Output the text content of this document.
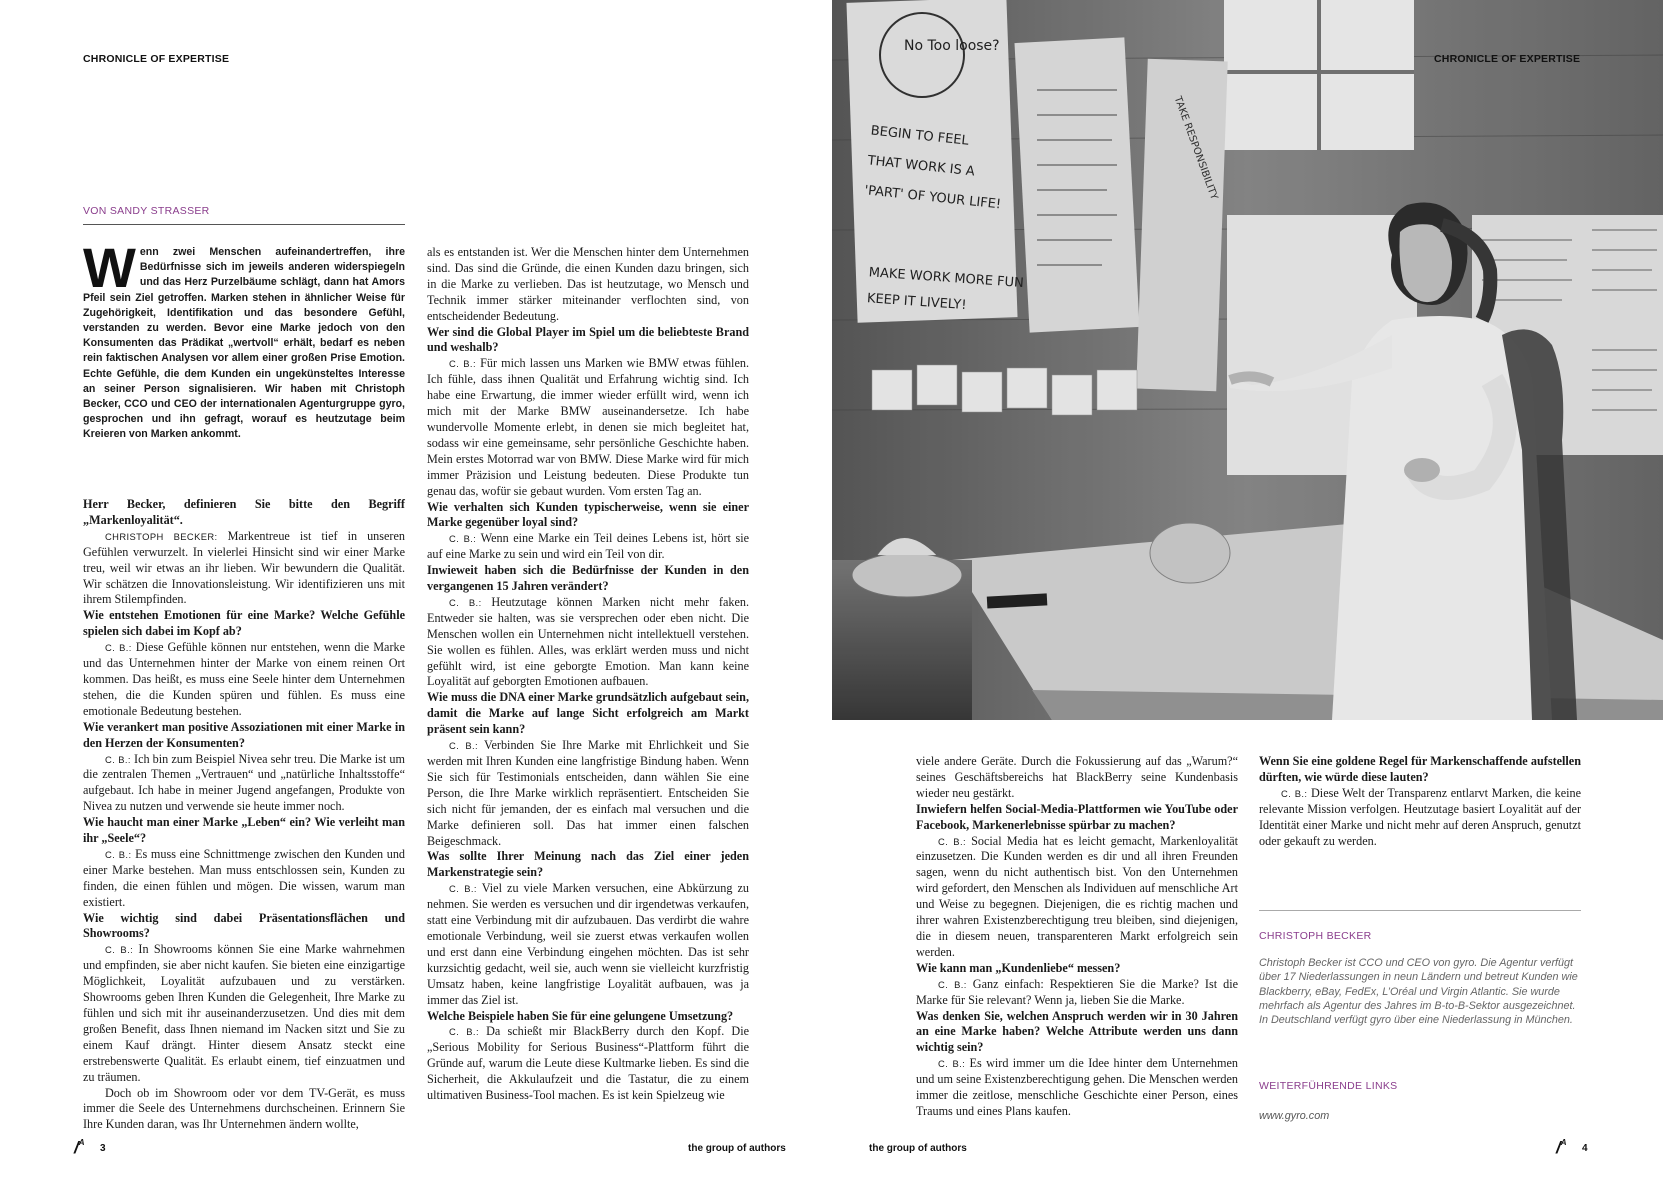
CHRONICLE OF EXPERTISE
VON SANDY STRASSER
Wenn zwei Menschen aufeinandertreffen, ihre Bedürfnisse sich im jeweils anderen widerspiegeln und das Herz Purzelbäume schlägt, dann hat Amors Pfeil sein Ziel getroffen. Marken stehen in ähnlicher Weise für Zugehörigkeit, Identifikation und das besondere Gefühl, verstanden zu werden. Bevor eine Marke jedoch von den Konsumenten das Prädikat „wertvoll“ erhält, bedarf es neben rein faktischen Analysen vor allem einer großen Prise Emotion. Echte Gefühle, die dem Kunden ein ungekünsteltes Interesse an seiner Person signalisieren. Wir haben mit Christoph Becker, CCO und CEO der internationalen Agenturgruppe gyro, gesprochen und ihn gefragt, worauf es heutzutage beim Kreieren von Marken ankommt.

Herr Becker, definieren Sie bitte den Begriff „Markenloyalität“.

CHRISTOPH BECKER: Markentreue ist tief in unseren Gefühlen verwurzelt. In vielerlei Hinsicht sind wir einer Marke treu, weil wir etwas an ihr lieben. Wir bewundern die Qualität. Wir schätzen die Innovationsleistung. Wir identifizieren uns mit ihrem Stilempfinden.

Wie entstehen Emotionen für eine Marke? Welche Gefühle spielen sich dabei im Kopf ab?

C. B.: Diese Gefühle können nur entstehen, wenn die Marke und das Unternehmen hinter der Marke von einem reinen Ort kommen. Das heißt, es muss eine Seele hinter dem Unternehmen stehen, die die Kunden spüren und fühlen. Es muss eine emotionale Bedeutung bestehen.

Wie verankert man positive Assoziationen mit einer Marke in den Herzen der Konsumenten?

C. B.: Ich bin zum Beispiel Nivea sehr treu. Die Marke ist um die zentralen Themen „Vertrauen“ und „natürliche Inhaltsstoffe“ aufgebaut. Ich habe in meiner Jugend angefangen, Produkte von Nivea zu nutzen und verwende sie heute immer noch.

Wie haucht man einer Marke „Leben“ ein? Wie verleiht man ihr „Seele“?

C. B.: Es muss eine Schnittmenge zwischen den Kunden und einer Marke bestehen. Man muss entschlossen sein, Kunden zu finden, die einen fühlen und mögen. Die wissen, warum man existiert.

Wie wichtig sind dabei Präsentationsflächen und Showrooms?

C. B.: In Showrooms können Sie eine Marke wahrnehmen und empfinden, sie aber nicht kaufen. Sie bieten eine einzigartige Möglichkeit, Loyalität aufzubauen und zu verstärken. Showrooms geben Ihren Kunden die Gelegenheit, Ihre Marke zu fühlen und sich mit ihr auseinanderzusetzen. Und dies mit dem großen Benefit, dass Ihnen niemand im Nacken sitzt und Sie zu einem Kauf drängt. Hinter diesem Ansatz steckt eine erstrebenswerte Qualität. Es erlaubt einem, tief einzuatmen und zu träumen.

Doch ob im Showroom oder vor dem TV-Gerät, es muss immer die Seele des Unternehmens durchscheinen. Erinnern Sie Ihre Kunden daran, was Ihr Unternehmen ändern wollte,

als es entstanden ist. Wer die Menschen hinter dem Unternehmen sind. Das sind die Gründe, die einen Kunden dazu bringen, sich in die Marke zu verlieben. Das ist heutzutage, wo Mensch und Technik immer stärker miteinander verflochten sind, von entscheidender Bedeutung.

Wer sind die Global Player im Spiel um die beliebteste Brand und weshalb?

C. B.: Für mich lassen uns Marken wie BMW etwas fühlen. Ich fühle, dass ihnen Qualität und Erfahrung wichtig sind. Ich habe eine Erwartung, die immer wieder erfüllt wird, wenn ich mich mit der Marke BMW auseinandersetze. Ich habe wundervolle Momente erlebt, in denen sie mich begleitet hat, sodass wir eine gemeinsame, sehr persönliche Geschichte haben. Mein erstes Motorrad war von BMW. Diese Marke wird für mich immer Präzision und Leistung bedeuten. Diese Produkte tun genau das, wofür sie gebaut wurden. Vom ersten Tag an.

Wie verhalten sich Kunden typischerweise, wenn sie einer Marke gegenüber loyal sind?

C. B.: Wenn eine Marke ein Teil deines Lebens ist, hört sie auf eine Marke zu sein und wird ein Teil von dir.

Inwieweit haben sich die Bedürfnisse der Kunden in den vergangenen 15 Jahren verändert?

C. B.: Heutzutage können Marken nicht mehr faken. Entweder sie halten, was sie versprechen oder eben nicht. Die Menschen wollen ein Unternehmen nicht intellektuell verstehen. Sie wollen es fühlen. Alles, was erklärt werden muss und nicht gefühlt wird, ist eine geborgte Emotion. Man kann keine Loyalität auf geborgten Emotionen aufbauen.

Wie muss die DNA einer Marke grundsätzlich aufgebaut sein, damit die Marke auf lange Sicht erfolgreich am Markt präsent sein kann?

C. B.: Verbinden Sie Ihre Marke mit Ehrlichkeit und Sie werden mit Ihren Kunden eine langfristige Bindung haben. Wenn Sie sich für Testimonials entscheiden, dann wählen Sie eine Person, die Ihre Marke wirklich repräsentiert. Entscheiden Sie sich nicht für jemanden, der es einfach mal versuchen und die Marke definieren soll. Das hat immer einen falschen Beigeschmack.

Was sollte Ihrer Meinung nach das Ziel einer jeden Markenstrategie sein?

C. B.: Viel zu viele Marken versuchen, eine Abkürzung zu nehmen. Sie werden es versuchen und dir irgendetwas verkaufen, statt eine Verbindung mit dir aufzubauen. Das verdirbt die wahre emotionale Verbindung, weil sie zuerst etwas verkaufen wollen und erst dann eine Verbindung eingehen möchten. Das ist sehr kurzsichtig gedacht, weil sie, auch wenn sie vielleicht kurzfristig Umsatz haben, keine langfristige Loyalität aufbauen, was ja immer das Ziel ist.

Welche Beispiele haben Sie für eine gelungene Umsetzung?

C. B.: Da schießt mir BlackBerry durch den Kopf. Die „Serious Mobility for Serious Business“-Plattform führt die Gründe auf, warum die Leute diese Kultmarke lieben. Es sind die Sicherheit, die Akkulaufzeit und die Tastatur, die zu einem ultimativen Business-Tool machen. Es ist kein Spielzeug wie

viele andere Geräte. Durch die Fokussierung auf das „Warum?“ seines Geschäftsbereichs hat BlackBerry seine Kundenbasis wieder neu gestärkt.

Inwiefern helfen Social-Media-Plattformen wie YouTube oder Facebook, Markenerlebnisse spürbar zu machen?

C. B.: Social Media hat es leicht gemacht, Markenloyalität einzusetzen. Die Kunden werden es dir und all ihren Freunden sagen, wenn du nicht authentisch bist. Von den Unternehmen wird gefordert, den Menschen als Individuen auf menschliche Art und Weise zu begegnen. Diejenigen, die es richtig machen und ihrer wahren Existenzberechtigung treu bleiben, sind diejenigen, die in diesem neuen, transparenteren Markt erfolgreich sein werden.

Wie kann man „Kundenliebe“ messen?

C. B.: Ganz einfach: Respektieren Sie die Marke? Ist die Marke für Sie relevant? Wenn ja, lieben Sie die Marke.

Was denken Sie, welchen Anspruch werden wir in 30 Jahren an eine Marke haben? Welche Attribute werden uns dann wichtig sein?

C. B.: Es wird immer um die Idee hinter dem Unternehmen und um seine Existenzberechtigung gehen. Die Menschen werden immer die zeitlose, menschliche Geschichte einer Person, eines Traums und eines Plans kaufen.

Wenn Sie eine goldene Regel für Markenschaffende aufstellen dürften, wie würde diese lauten?

C. B.: Diese Welt der Transparenz entlarvt Marken, die keine relevante Mission verfolgen. Heutzutage basiert Loyalität auf der Identität einer Marke und nicht mehr auf deren Anspruch, genutzt oder gekauft zu werden.

CHRISTOPH BECKER
Christoph Becker ist CCO und CEO von gyro. Die Agentur verfügt über 17 Niederlassungen in neun Ländern und betreut Kunden wie Blackberry, eBay, FedEx, L’Oréal und Virgin Atlantic. Sie wurde mehrfach als Agentur des Jahres im B-to-B-Sektor ausgezeichnet. In Deutschland verfügt gyro über eine Niederlassung in München.
WEITERFÜHRENDE LINKS
www.gyro.com
No Too loose?
BEGIN TO FEEL THAT WORK IS A 'PART' OF YOUR LIFE!
MAKE WORK MORE FUN KEEP IT LIVELY!
TAKE RESPONSIBILITY
CHRONICLE OF EXPERTISE
/$^A$
3	the group of authors	the group of authors	/$^A$
4
